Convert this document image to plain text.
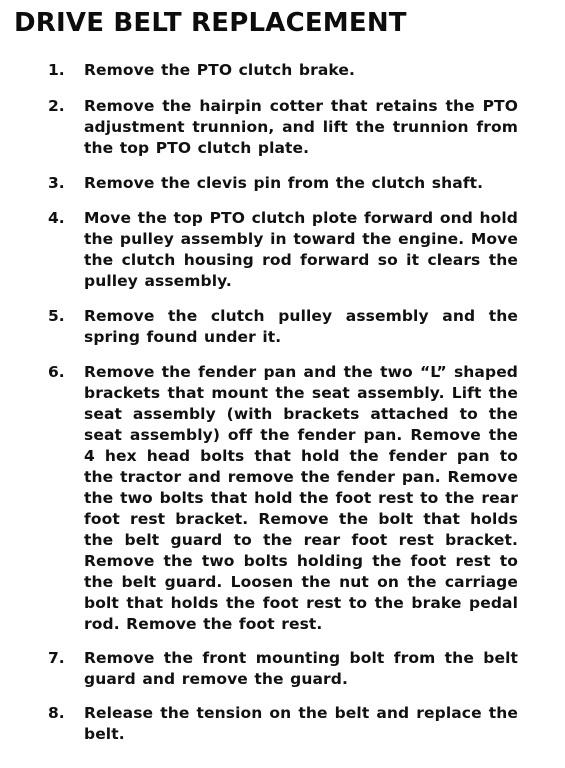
DRIVE BELT REPLACEMENT
1.	Remove the PTO clutch brake.
2.	Remove the hairpin cotter that retains the PTO adjustment trunnion, and lift the trunnion from the top PTO clutch plate.
3.	Remove the clevis pin from the clutch shaft.
4.	Move the top PTO clutch plote forward ond hold the pulley assembly in toward the engine. Move the clutch housing rod forward so it clears the pulley assembly.
5.	Remove the clutch pulley assembly and the spring found under it.
6.	Remove the fender pan and the two “L” shaped brackets that mount the seat assembly. Lift the seat assembly (with brackets attached to the seat assembly) off the fender pan. Remove the 4 hex head bolts that hold the fender pan to the tractor and remove the fender pan. Remove the two bolts that hold the foot rest to the rear foot rest bracket. Remove the bolt that holds the belt guard to the rear foot rest bracket. Remove the two bolts holding the foot rest to the belt guard. Loosen the nut on the carriage bolt that holds the foot rest to the brake pedal rod. Remove the foot rest.
7.	Remove the front mounting bolt from the belt guard and remove the guard.
8.	Release the tension on the belt and replace the belt.
